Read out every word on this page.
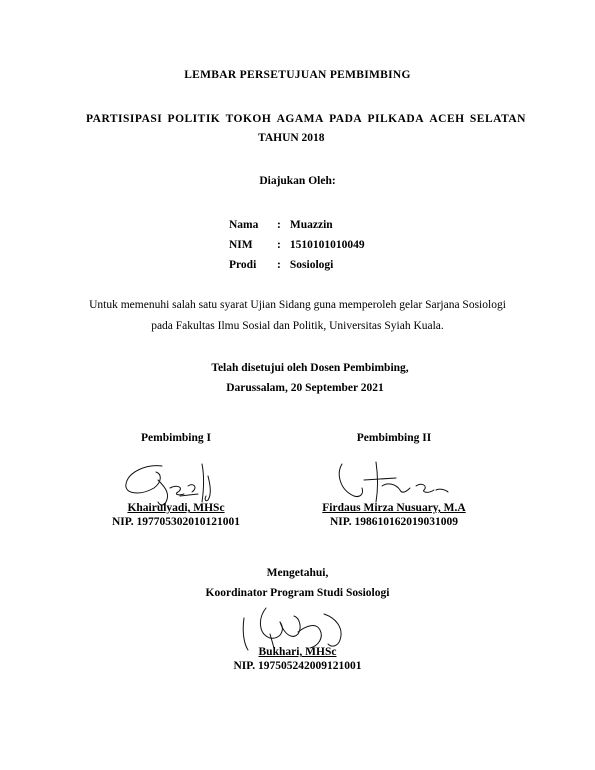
LEMBAR PERSETUJUAN PEMBIMBING
PARTISIPASI POLITIK TOKOH AGAMA PADA PILKADA ACEH SELATAN
TAHUN 2018
Diajukan Oleh:
Nama : Muazzin
NIM : 1510101010049
Prodi : Sosiologi
Untuk memenuhi salah satu syarat Ujian Sidang guna memperoleh gelar Sarjana Sosiologi
pada Fakultas Ilmu Sosial dan Politik, Universitas Syiah Kuala.
Telah disetujui oleh Dosen Pembimbing,
Darussalam, 20 September 2021
Pembimbing I	Pembimbing II
Khairulyadi, MHSc
NIP. 197705302010121001
Firdaus Mirza Nusuary, M.A
NIP. 198610162019031009
Mengetahui,
Koordinator Program Studi Sosiologi
Bukhari, MHSc
NIP. 197505242009121001
